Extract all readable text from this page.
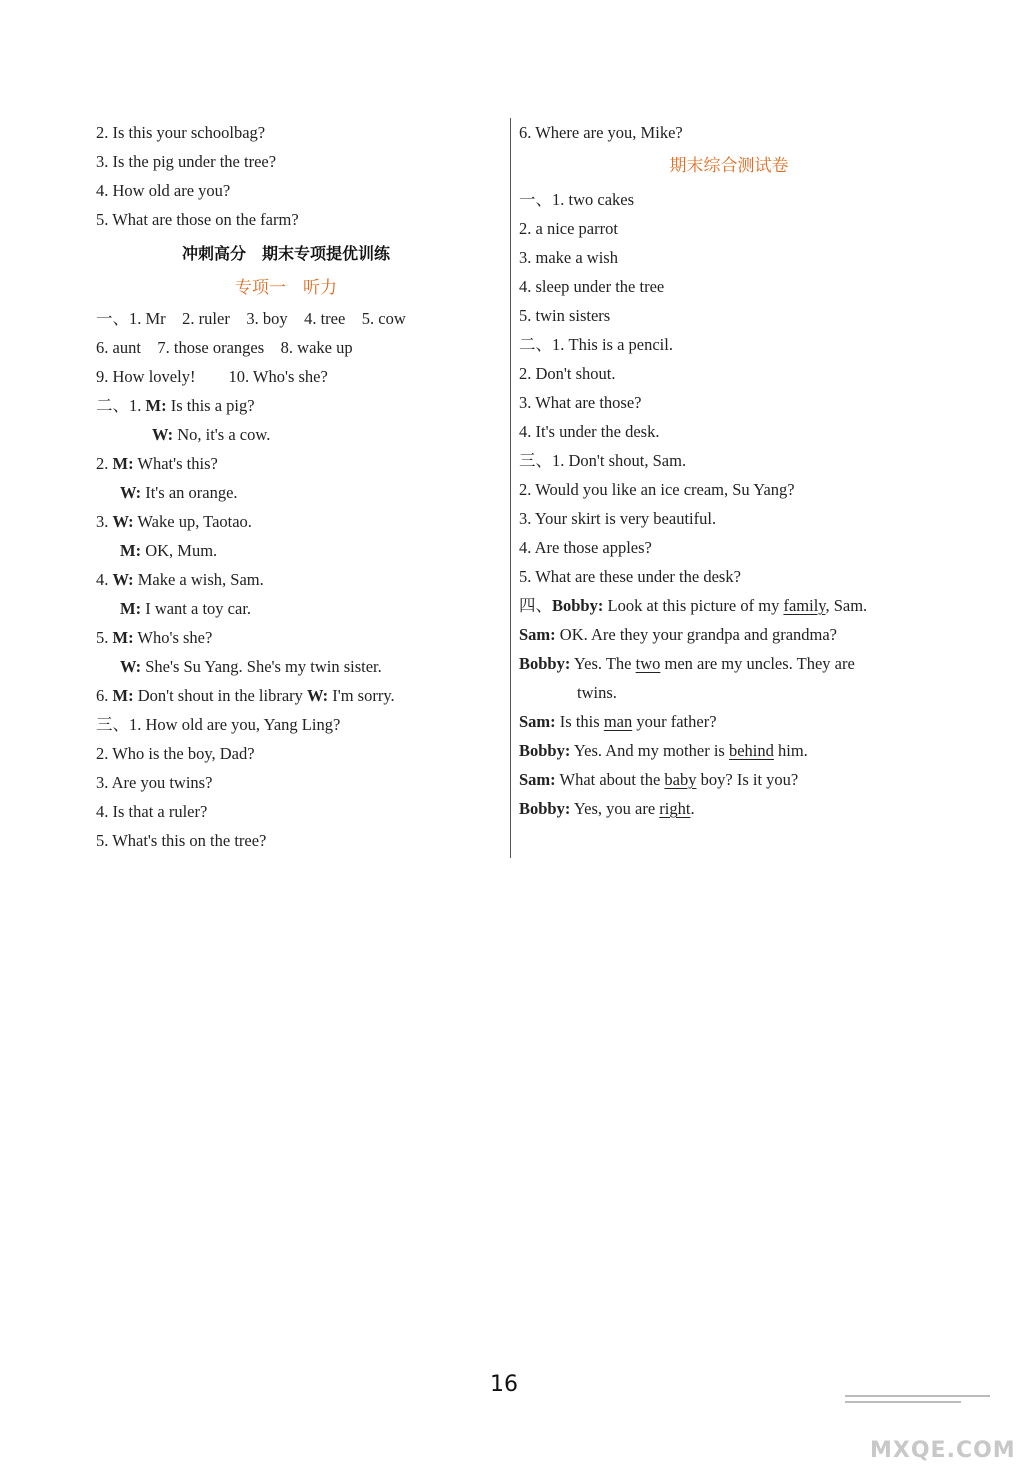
2. Is this your schoolbag?
3. Is the pig under the tree?
4. How old are you?
5. What are those on the farm?
冲刺高分　期末专项提优训练
专项一　听力
一、1. Mr　2. ruler　3. boy　4. tree　5. cow
6. aunt　7. those oranges　8. wake up
9. How lovely!　　10. Who's she?
二、1. M: Is this a pig?
W: No, it's a cow.
2. M: What's this?
W: It's an orange.
3. W: Wake up, Taotao.
M: OK, Mum.
4. W: Make a wish, Sam.
M: I want a toy car.
5. M: Who's she?
W: She's Su Yang. She's my twin sister.
6. M: Don't shout in the library W: I'm sorry.
三、1. How old are you, Yang Ling?
2. Who is the boy, Dad?
3. Are you twins?
4. Is that a ruler?
5. What's this on the tree?
6. Where are you, Mike?
期末综合测试卷
一、1. two cakes
2. a nice parrot
3. make a wish
4. sleep under the tree
5. twin sisters
二、1. This is a pencil.
2. Don't shout.
3. What are those?
4. It's under the desk.
三、1. Don't shout, Sam.
2. Would you like an ice cream, Su Yang?
3. Your skirt is very beautiful.
4. Are those apples?
5. What are these under the desk?
四、Bobby: Look at this picture of my family, Sam.
Sam: OK. Are they your grandpa and grandma?
Bobby: Yes. The two men are my uncles. They are
twins.
Sam: Is this man your father?
Bobby: Yes. And my mother is behind him.
Sam: What about the baby boy? Is it you?
Bobby: Yes, you are right.
16
MXQE.COM
